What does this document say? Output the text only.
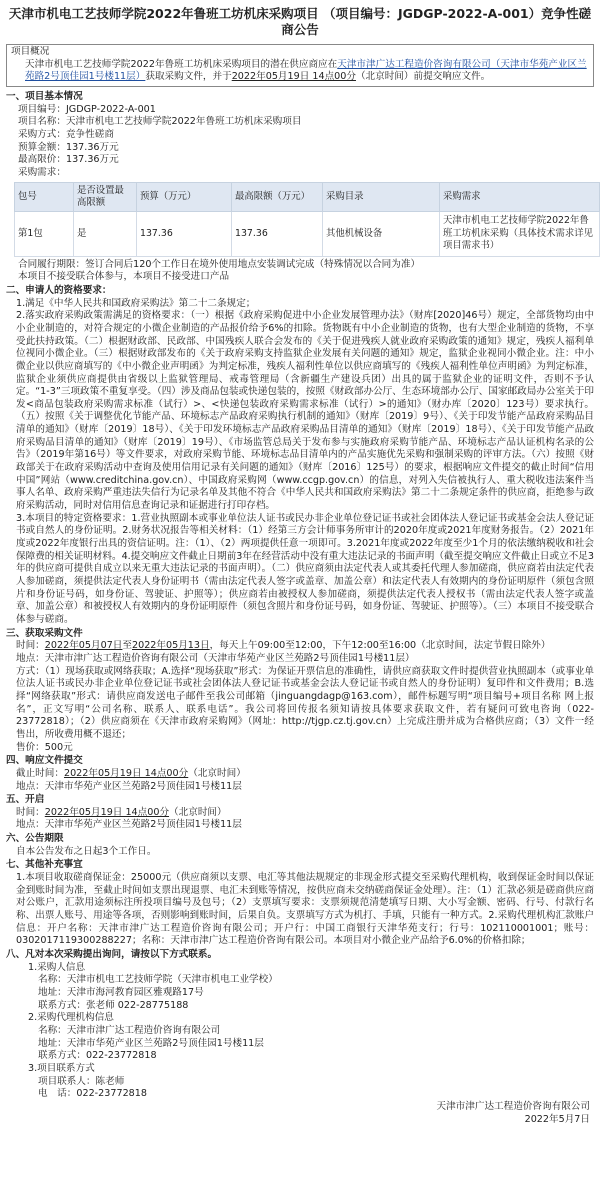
天津市机电工艺技师学院2022年鲁班工坊机床采购项目 （项目编号：JGDGP-2022-A-001）竞争性磋商公告
项目概况
天津市机电工艺技师学院2022年鲁班工坊机床采购项目的潜在供应商应在天津市津广达工程造价咨询有限公司（天津市华苑产业区兰苑路2号顶佳园1号楼11层）获取采购文件，并于2022年05月19日 14点00分（北京时间）前提交响应文件。
一、项目基本情况
项目编号：JGDGP-2022-A-001
项目名称：天津市机电工艺技师学院2022年鲁班工坊机床采购项目
采购方式：竞争性磋商
预算金额：137.36万元
最高限价：137.36万元
采购需求：
包号	是否设置最高限额	预算（万元）	最高限额（万元）	采购目录	采购需求
第1包	是	137.36	137.36	其他机械设备	天津市机电工艺技师学院2022年鲁班工坊机床采购（具体技术需求详见项目需求书）
合同履行期限：签订合同后120个工作日在境外使用地点安装调试完成（特殊情况以合同为准）
本项目不接受联合体参与，本项目不接受进口产品
二、申请人的资格要求：
1.满足《中华人民共和国政府采购法》第二十二条规定；
2.落实政府采购政策需满足的资格要求：（一）根据《政府采购促进中小企业发展管理办法》（财库[2020]46号）规定，全部货物均由中小企业制造的，对符合规定的小微企业制造的产品报价给予6%的扣除。货物既有中小企业制造的货物，也有大型企业制造的货物，不享受此扶持政策。（二）根据财政部、民政部、中国残疾人联合会发布的《关于促进残疾人就业政府采购政策的通知》规定，残疾人福利单位视同小微企业。（三）根据财政部发布的《关于政府采购支持监狱企业发展有关问题的通知》规定，监狱企业视同小微企业。注：中小微企业以供应商填写的《中小微企业声明函》为判定标准，残疾人福利性单位以供应商填写的《残疾人福利性单位声明函》为判定标准，监狱企业须供应商提供由省级以上监狱管理局、戒毒管理局（含新疆生产建设兵团）出具的属于监狱企业的证明文件，否则不予认定。“1-3”三项政策不重复享受。（四）涉及商品包装或快递包装的，按照《财政部办公厅、生态环境部办公厅、国家邮政局办公室关于印发<商品包装政府采购需求标准（试行）>、<快递包装政府采购需求标准（试行）>的通知》（财办库〔2020〕123号）要求执行。（五）按照《关于调整优化节能产品、环境标志产品政府采购执行机制的通知》（财库〔2019〕9号）、《关于印发节能产品政府采购品目清单的通知》（财库〔2019〕18号）、《关于印发环境标志产品政府采购品目清单的通知》（财库〔2019〕18号）、《关于印发节能产品政府采购品目清单的通知》（财库〔2019〕19号）、《市场监管总局关于发布参与实施政府采购节能产品、环境标志产品认证机构名录的公告》（2019年第16号）等文件要求，对政府采购节能、环境标志品目清单内的产品实施优先采购和强制采购的评审方法。（六）按照《财政部关于在政府采购活动中查询及使用信用记录有关问题的通知》（财库〔2016〕125号）的要求，根据响应文件提交的截止时间“信用中国”网站（www.creditchina.gov.cn）、中国政府采购网（www.ccgp.gov.cn）的信息，对列入失信被执行人、重大税收违法案件当事人名单、政府采购严重违法失信行为记录名单及其他不符合《中华人民共和国政府采购法》第二十二条规定条件的供应商，拒绝参与政府采购活动，同时对信用信息查询记录和证据进行打印存档。
3.本项目的特定资格要求：1.营业执照副本或事业单位法人证书或民办非企业单位登记证书或社会团体法人登记证书或基金会法人登记证书或自然人的身份证明。2.财务状况报告等相关材料：（1）经第三方会计师事务所审计的2020年度或2021年度财务报告。（2）2021年度或2022年度银行出具的资信证明。注：（1）、（2）两项提供任意一项即可。3.2021年度或2022年度至少1个月的依法缴纳税收和社会保障费的相关证明材料。4.提交响应文件截止日期前3年在经营活动中没有重大违法记录的书面声明（截至提交响应文件截止日或立不足3年的供应商可提供自成立以来无重大违法记录的书面声明）。（二）供应商须由法定代表人或其委托代理人参加磋商，供应商若由法定代表人参加磋商，须提供法定代表人身份证明书（需由法定代表人签字或盖章、加盖公章）和法定代表人有效期内的身份证明原件（须包含照片和身份证号码，如身份证、驾驶证、护照等）；供应商若由被授权人参加磋商，须提供法定代表人授权书（需由法定代表人签字或盖章、加盖公章）和被授权人有效期内的身份证明原件（须包含照片和身份证号码，如身份证、驾驶证、护照等）。（三）本项目不接受联合体参与磋商。
三、获取采购文件
时间：2022年05月07日至2022年05月13日，每天上午09:00至12:00，下午12:00至16:00（北京时间，法定节假日除外）
地点：天津市津广达工程造价咨询有限公司（天津市华苑产业区兰苑路2号顶佳园1号楼11层）
方式：（1）现场获取或网络获取；A.选择“现场获取”形式：为保证开票信息的准确性，请供应商获取文件时提供营业执照副本（或事业单位法人证书或民办非企业单位登记证书或社会团体法人登记证书或基金会法人登记证书或自然人的身份证明）复印件和文件费用；B.选择“网络获取”形式：请供应商发送电子邮件至我公司邮箱（jinguangdagp@163.com），邮件标题写明“项目编号+项目名称 网上报名”，正文写明“公司名称、联系人、联系电话”。我公司将回传报名须知请按具体要求获取文件，若有疑问可致电咨询（022-23772818）；（2）供应商须在《天津市政府采购网》（网址：http://tjgp.cz.tj.gov.cn）上完成注册并成为合格供应商；（3）文件一经售出，所收费用概不退还；
售价：500元
四、响应文件提交
截止时间：2022年05月19日 14点00分（北京时间）
地点：天津市华苑产业区兰苑路2号顶佳园1号楼11层
五、开启
时间：2022年05月19日 14点00分（北京时间）
地点：天津市华苑产业区兰苑路2号顶佳园1号楼11层
六、公告期限
自本公告发布之日起3个工作日。
七、其他补充事宜
1.本项目收取磋商保证金：25000元（供应商须以支票、电汇等其他法规规定的非现金形式提交至采购代理机构，收到保证金时间以保证金到账时间为准，至截止时间如支票出现退票、电汇未到账等情况，按供应商未交纳磋商保证金处理）。注：（1）汇款必须是磋商供应商对公账户，汇款用途须标注所投项目编号及包号；（2）支票填写要求：支票须规范清楚填写日期、大小写金额、密码、行号、付款行名称、出票人账号、用途等各项，否则影响到账时间，后果自负。支票填写方式为机打、手填，只能有一种方式。2.采购代理机构汇款账户信息：开户名称：天津市津广达工程造价咨询有限公司；开户行：中国工商银行天津华苑支行；行号：102110001001；账号：0302017119300288227；名称：天津市津广达工程造价咨询有限公司。本项目对小微企业产品给予6.0%的价格扣除；
八、凡对本次采购提出询问，请按以下方式联系。
1.采购人信息
名称：天津市机电工艺技师学院（天津市机电工业学校）
地址：天津市海河教育园区雅观路17号
联系方式：张老师 022-28775188
2.采购代理机构信息
名称：天津市津广达工程造价咨询有限公司
地址：天津市华苑产业区兰苑路2号顶佳园1号楼11层
联系方式：022-23772818
3.项目联系方式
项目联系人：陈老师
电　话：022-23772818
天津市津广达工程造价咨询有限公司
2022年5月7日
